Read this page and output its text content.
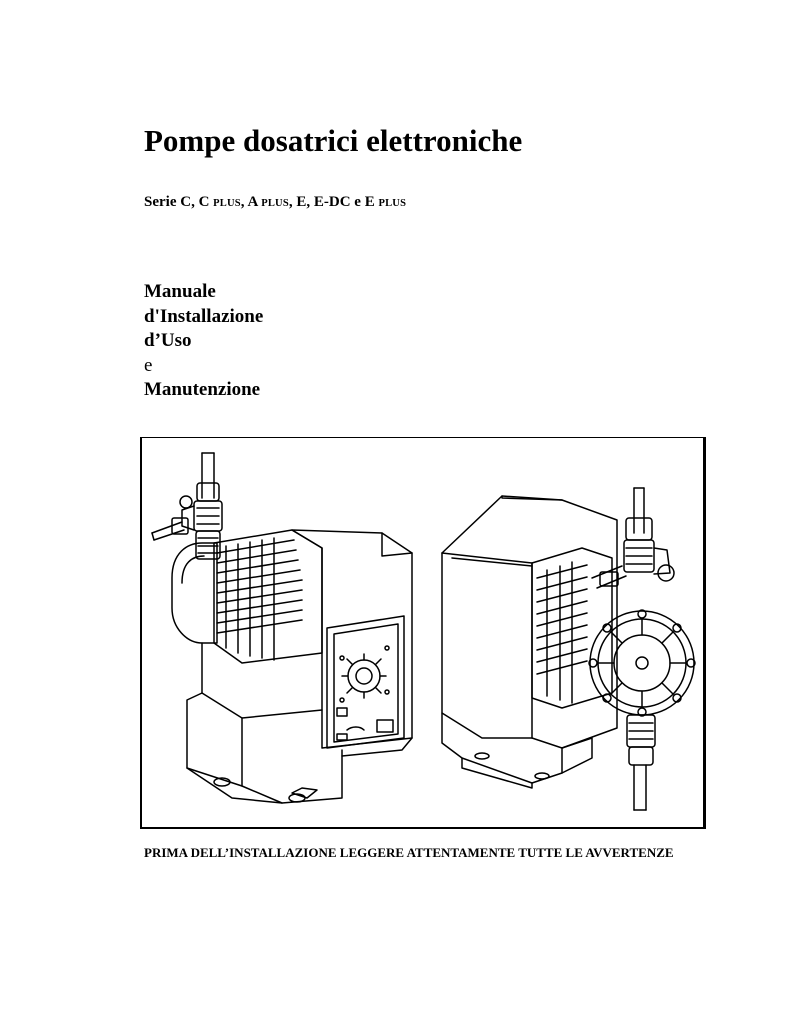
Pompe dosatrici elettroniche
Serie C, C PLUS, A PLUS, E, E-DC e E PLUS
Manuale
d'Installazione
d’Uso
e
Manutenzione
PRIMA DELL’INSTALLAZIONE LEGGERE ATTENTAMENTE TUTTE LE AVVERTENZE
